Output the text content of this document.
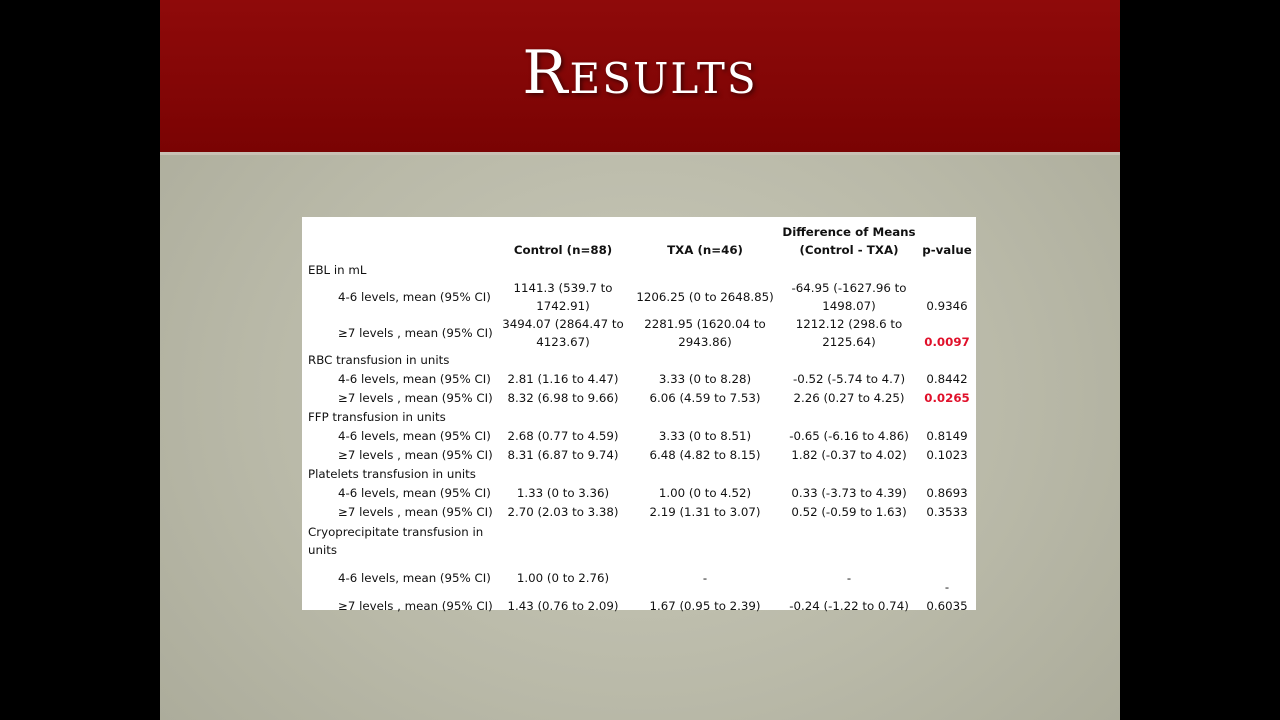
Results
	Control (n=88)	TXA (n=46)	Difference of Means
(Control - TXA)	p-value
EBL in mL				
4-6 levels, mean (95% CI)	1141.3 (539.7 to 1742.91)	1206.25 (0 to 2648.85)	-64.95 (-1627.96 to 1498.07)	0.9346
≥7 levels , mean (95% CI)	3494.07 (2864.47 to 4123.67)	2281.95 (1620.04 to 2943.86)	1212.12 (298.6 to 2125.64)	0.0097
RBC transfusion in units				
4-6 levels, mean (95% CI)	2.81 (1.16 to 4.47)	3.33 (0 to 8.28)	-0.52 (-5.74 to 4.7)	0.8442
≥7 levels , mean (95% CI)	8.32 (6.98 to 9.66)	6.06 (4.59 to 7.53)	2.26 (0.27 to 4.25)	0.0265
FFP transfusion in units				
4-6 levels, mean (95% CI)	2.68 (0.77 to 4.59)	3.33 (0 to 8.51)	-0.65 (-6.16 to 4.86)	0.8149
≥7 levels , mean (95% CI)	8.31 (6.87 to 9.74)	6.48 (4.82 to 8.15)	1.82 (-0.37 to 4.02)	0.1023
Platelets transfusion in units				
4-6 levels, mean (95% CI)	1.33 (0 to 3.36)	1.00 (0 to 4.52)	0.33 (-3.73 to 4.39)	0.8693
≥7 levels , mean (95% CI)	2.70 (2.03 to 3.38)	2.19 (1.31 to 3.07)	0.52 (-0.59 to 1.63)	0.3533
Cryoprecipitate transfusion in units				
4-6 levels, mean (95% CI)	1.00 (0 to 2.76)	-	-	-
≥7 levels , mean (95% CI)	1.43 (0.76 to 2.09)	1.67 (0.95 to 2.39)	-0.24 (-1.22 to 0.74)	0.6035
